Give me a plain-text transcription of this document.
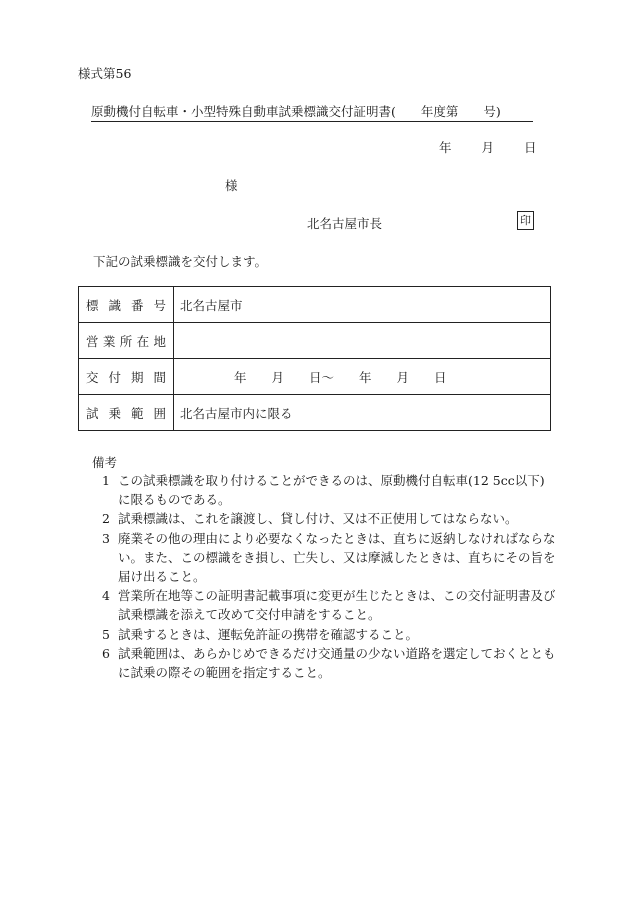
様式第56
原動機付自転車・小型特殊自動車試乗標識交付証明書(　　年度第　　号)
年 月 日
様
北名古屋市長	印
下記の試乗標識を交付します。
標識番号	北名古屋市
営業所在地	
交付期間	年　　月　　日〜　　年　　月　　日
試乗範囲	北名古屋市内に限る
備考
1 この試乗標識を取り付けることができるのは、原動機付自転車(12 5cc以下)に限るものである。
2 試乗標識は、これを譲渡し、貸し付け、又は不正使用してはならない。
3 廃業その他の理由により必要なくなったときは、直ちに返納しなければならない。また、この標識をき損し、亡失し、又は摩滅したときは、直ちにその旨を届け出ること。
4 営業所在地等この証明書記載事項に変更が生じたときは、この交付証明書及び試乗標識を添えて改めて交付申請をすること。
5 試乗するときは、運転免許証の携帯を確認すること。
6 試乗範囲は、あらかじめできるだけ交通量の少ない道路を選定しておくとともに試乗の際その範囲を指定すること。
